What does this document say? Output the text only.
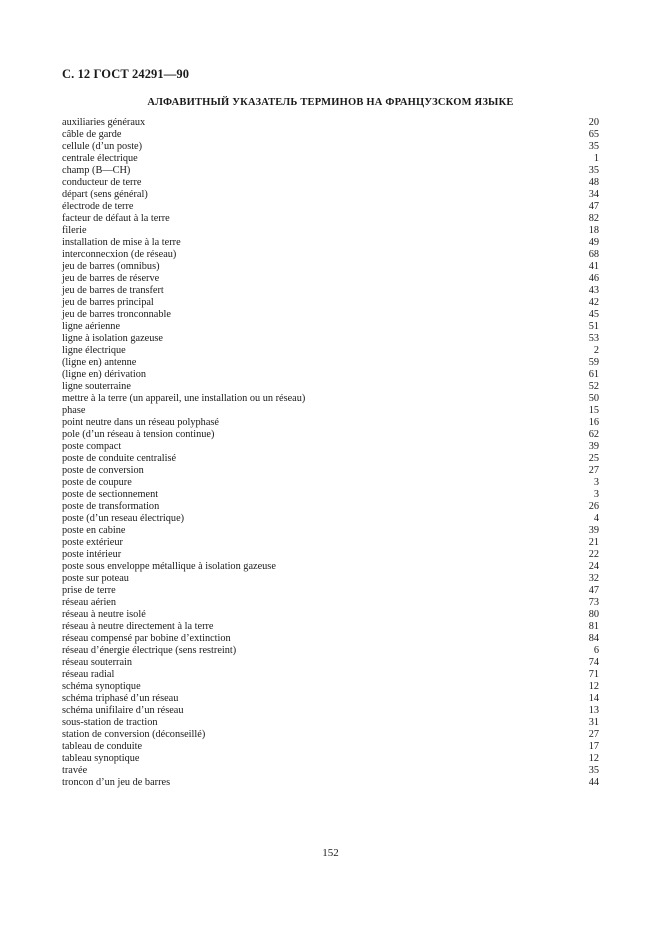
С. 12 ГОСТ 24291—90
АЛФАВИТНЫЙ УКАЗАТЕЛЬ ТЕРМИНОВ НА ФРАНЦУЗСКОМ ЯЗЫКЕ
auxiliaries généraux	20
câble de garde	65
cellule (d’un poste)	35
centrale électrique	1
champ (B—CH)	35
conducteur de terre	48
départ (sens général)	34
électrode de terre	47
facteur de défaut à la terre	82
filerie	18
installation de mise à la terre	49
interconnecxion (de réseau)	68
jeu de barres (omnibus)	41
jeu de barres de réserve	46
jeu de barres de transfert	43
jeu de barres principal	42
jeu de barres tronconnable	45
ligne aérienne	51
ligne à isolation gazeuse	53
ligne électrique	2
(ligne en) antenne	59
(ligne en) dérivation	61
ligne souterraine	52
mettre à la terre (un appareil, une installation ou un réseau)	50
phase	15
point neutre dans un réseau polyphasé	16
pole (d’un réseau à tension continue)	62
poste compact	39
poste de conduite centralisé	25
poste de conversion	27
poste de coupure	3
poste de sectionnement	3
poste de transformation	26
poste (d’un reseau électrique)	4
poste en cabine	39
poste extérieur	21
poste intérieur	22
poste sous enveloppe métallique à isolation gazeuse	24
poste sur poteau	32
prise de terre	47
réseau aérien	73
réseau à neutre isolé	80
réseau à neutre directement à la terre	81
réseau compensé par bobine d’extinction	84
réseau d’énergie électrique (sens restreint)	6
réseau souterrain	74
réseau radial	71
schéma synoptique	12
schéma triphasé d’un réseau	14
schéma unifilaire d’un réseau	13
sous-station de traction	31
station de conversion (déconseillé)	27
tableau de conduite	17
tableau synoptique	12
travée	35
troncon d’un jeu de barres	44
152
